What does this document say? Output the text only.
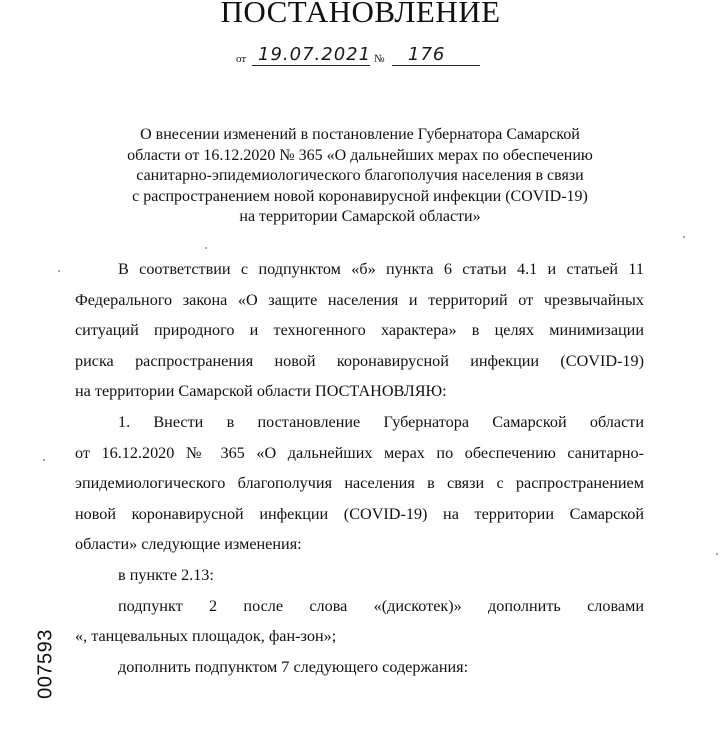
ПОСТАНОВЛЕНИЕ
от 19.07.2021 № 176
О внесении изменений в постановление Губернатора Самарской
области от 16.12.2020 № 365 «О дальнейших мерах по обеспечению
санитарно-эпидемиологического благополучия населения в связи
с распространением новой коронавирусной инфекции (COVID-19)
на территории Самарской области»
В соответствии с подпунктом «б» пункта 6 статьи 4.1 и статьей 11
Федерального закона «О защите населения и территорий от чрезвычайных
ситуаций природного и техногенного характера» в целях минимизации
риска распространения новой коронавирусной инфекции (COVID-19)
на территории Самарской области ПОСТАНОВЛЯЮ:
1. Внести в постановление Губернатора Самарской области
от 16.12.2020 № 365 «О дальнейших мерах по обеспечению санитарно-
эпидемиологического благополучия населения в связи с распространением
новой коронавирусной инфекции (COVID-19) на территории Самарской
области» следующие изменения:
в пункте 2.13:
подпункт 2 после слова «(дискотек)» дополнить словами
«, танцевальных площадок, фан-зон»;
дополнить подпунктом 7 следующего содержания:
007593
